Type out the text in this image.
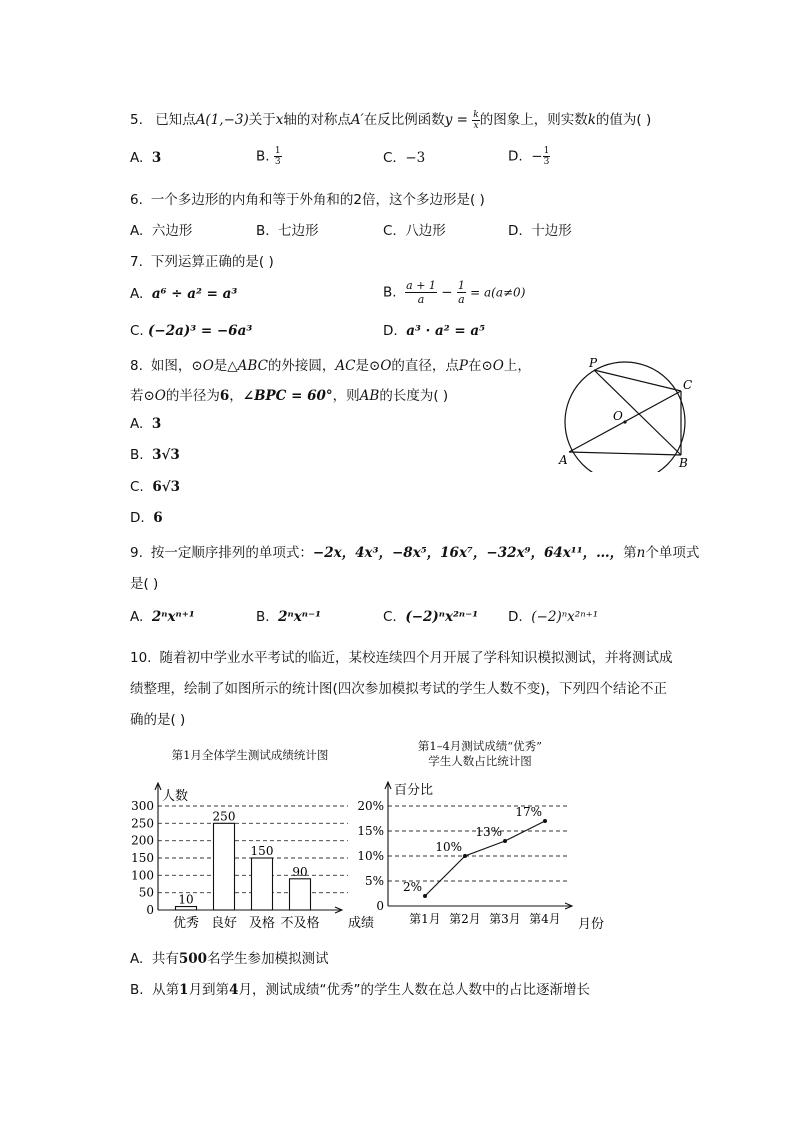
5. 已知点A(1,−3)关于x轴的对称点A′在反比例函数$y = \frac{k}{x}$ 的图象上，则实数k的值为( )
A. 3	B. $\frac{1}{3}$	C. −3	D. − $\frac{1}{3}$
6. 一个多边形的内角和等于外角和的2倍，这个多边形是( )
A. 六边形	B. 七边形	C. 八边形	D. 十边形
7. 下列运算正确的是( )
A. a⁶ ÷ a² = a³	B. $\frac{a + 1}{a} - \frac{1}{a} = a(a\ne 0)$
C. (−2a)³ = −6a³	D. a³ · a² = a⁵
8. 如图，⊙O是△ABC的外接圆，AC是⊙O的直径，点P在⊙O上，
若⊙O的半径为6，∠BPC = 60°，则AB的长度为( )
A. 3
B. 3√3
C. 6√3
D. 6
P
C
O
A	B
9. 按一定顺序排列的单项式：−2x，4x³，−8x⁵，16x⁷，−32x⁹，64x¹¹，…，第n个单项式
是( )
A. 2ⁿxⁿ⁺¹	B. 2ⁿxⁿ⁻¹	C. (−2)ⁿx²ⁿ⁻¹ D. (−2)ⁿx²ⁿ⁺¹
10. 随着初中学业水平考试的临近，某校连续四个月开展了学科知识模拟测试，并将测试成
绩整理，绘制了如图所示的统计图(四次参加模拟考试的学生人数不变)，下列四个结论不正
确的是( )
第1月全体学生测试成绩统计图
50
100
150
200
250
300
0
人数
成绩
10
优秀
250
良好
150
及格
90
不及格
第1–4月测试成绩“优秀”
学生人数占比统计图
5%
10%
15%
20%
0
百分比
月份
2%
第1月
10%
第2月
13%
第3月
17%
第4月
A. 共有500名学生参加模拟测试
B. 从第1月到第4月，测试成绩“优秀”的学生人数在总人数中的占比逐渐增长
